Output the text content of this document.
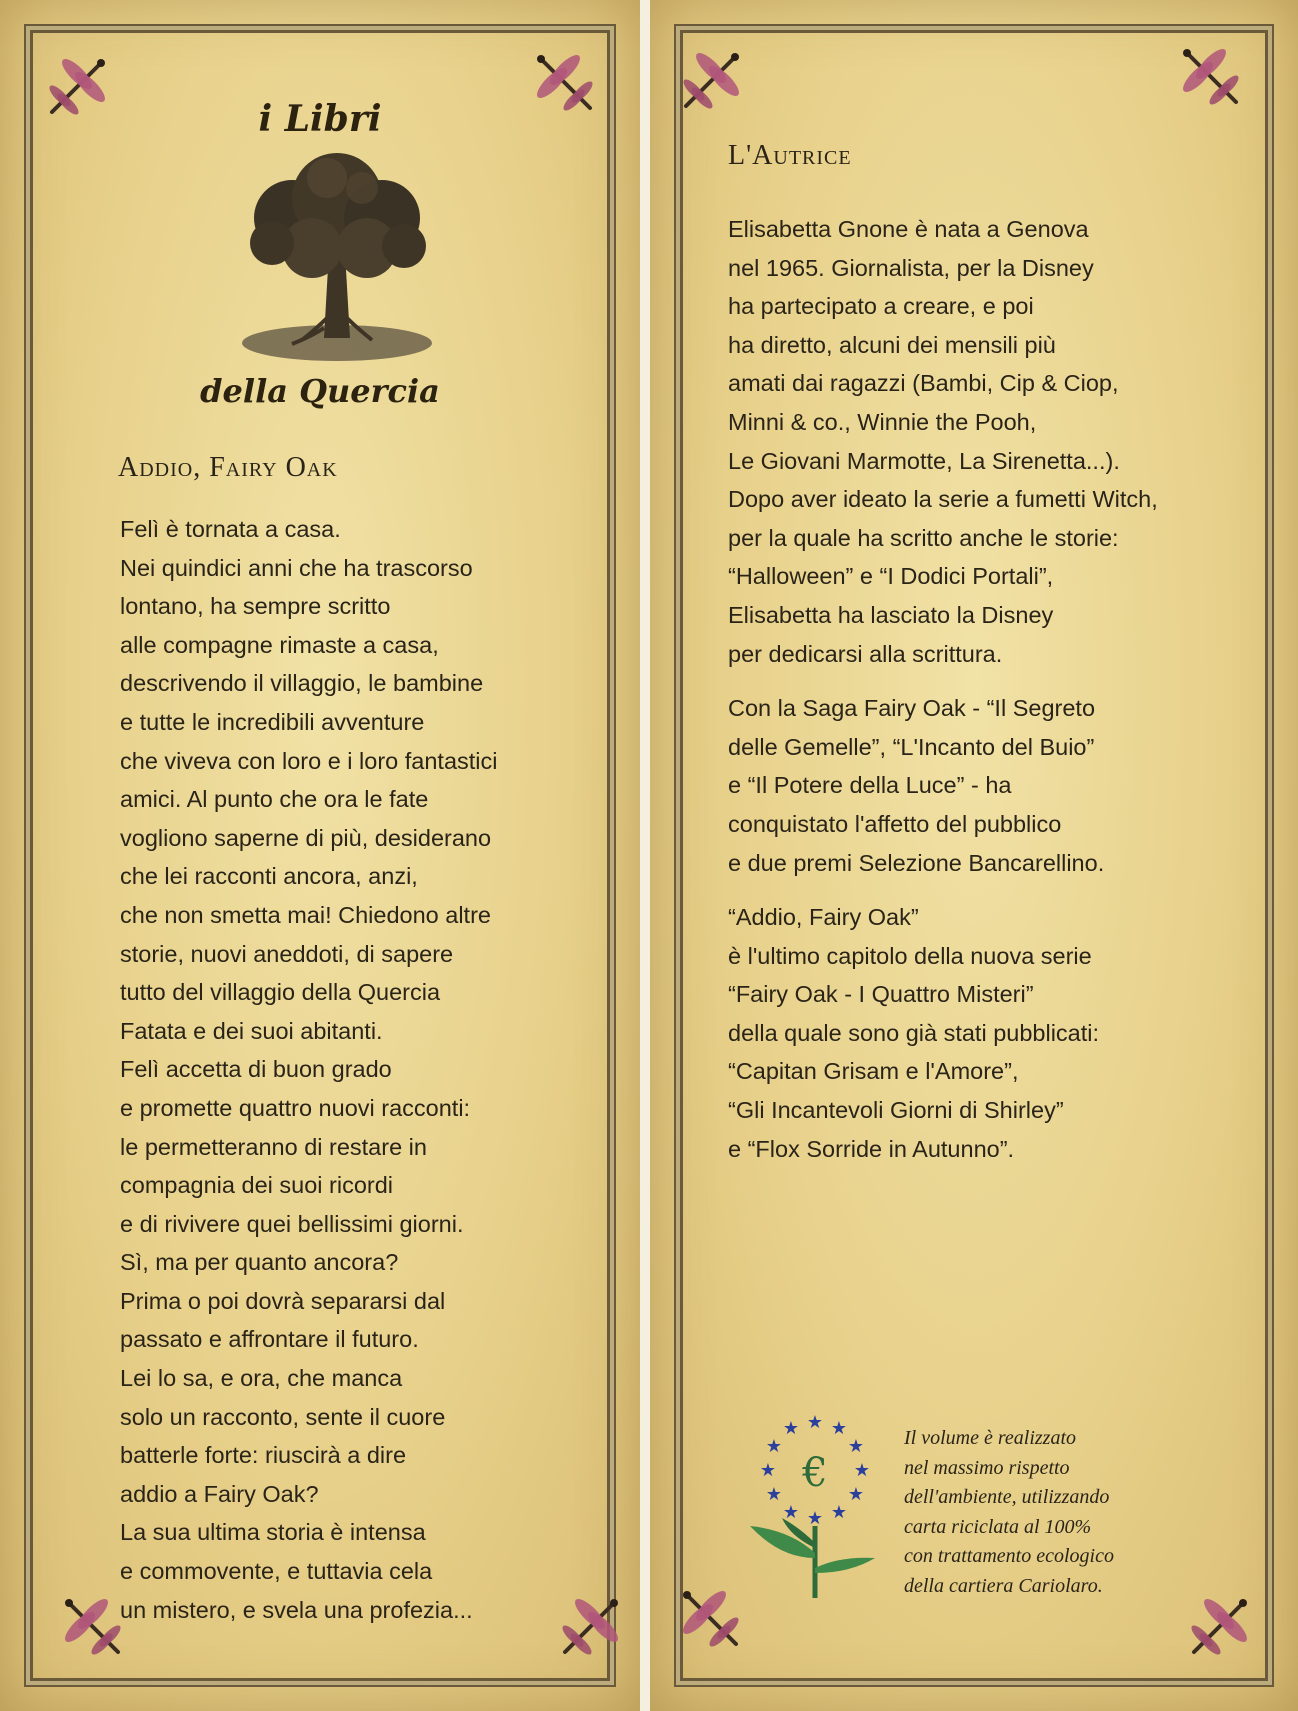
i Libri
della Quercia
Addio, Fairy Oak
Felì è tornata a casa.
Nei quindici anni che ha trascorso
lontano, ha sempre scritto
alle compagne rimaste a casa,
descrivendo il villaggio, le bambine
e tutte le incredibili avventure
che viveva con loro e i loro fantastici
amici. Al punto che ora le fate
vogliono saperne di più, desiderano
che lei racconti ancora, anzi,
che non smetta mai! Chiedono altre
storie, nuovi aneddoti, di sapere
tutto del villaggio della Quercia
Fatata e dei suoi abitanti.
Felì accetta di buon grado
e promette quattro nuovi racconti:
le permetteranno di restare in
compagnia dei suoi ricordi
e di rivivere quei bellissimi giorni.
Sì, ma per quanto ancora?
Prima o poi dovrà separarsi dal
passato e affrontare il futuro.
Lei lo sa, e ora, che manca
solo un racconto, sente il cuore
batterle forte: riuscirà a dire
addio a Fairy Oak?
La sua ultima storia è intensa
e commovente, e tuttavia cela
un mistero, e svela una profezia...
L'Autrice
Elisabetta Gnone è nata a Genova
nel 1965. Giornalista, per la Disney
ha partecipato a creare, e poi
ha diretto, alcuni dei mensili più
amati dai ragazzi (Bambi, Cip & Ciop,
Minni & co., Winnie the Pooh,
Le Giovani Marmotte, La Sirenetta...).
Dopo aver ideato la serie a fumetti Witch,
per la quale ha scritto anche le storie:
“Halloween” e “I Dodici Portali”,
Elisabetta ha lasciato la Disney
per dedicarsi alla scrittura.
Con la Saga Fairy Oak - “Il Segreto
delle Gemelle”, “L'Incanto del Buio”
e “Il Potere della Luce” - ha
conquistato l'affetto del pubblico
e due premi Selezione Bancarellino.
“Addio, Fairy Oak”
è l'ultimo capitolo della nuova serie
“Fairy Oak - I Quattro Misteri”
della quale sono già stati pubblicati:
“Capitan Grisam e l'Amore”,
“Gli Incantevoli Giorni di Shirley”
e “Flox Sorride in Autunno”.
★ ★
★
★
★
★
★
★
★
★
★
★
€
Il volume è realizzato
nel massimo rispetto
dell'ambiente, utilizzando
carta riciclata al 100%
con trattamento ecologico
della cartiera Cariolaro.
